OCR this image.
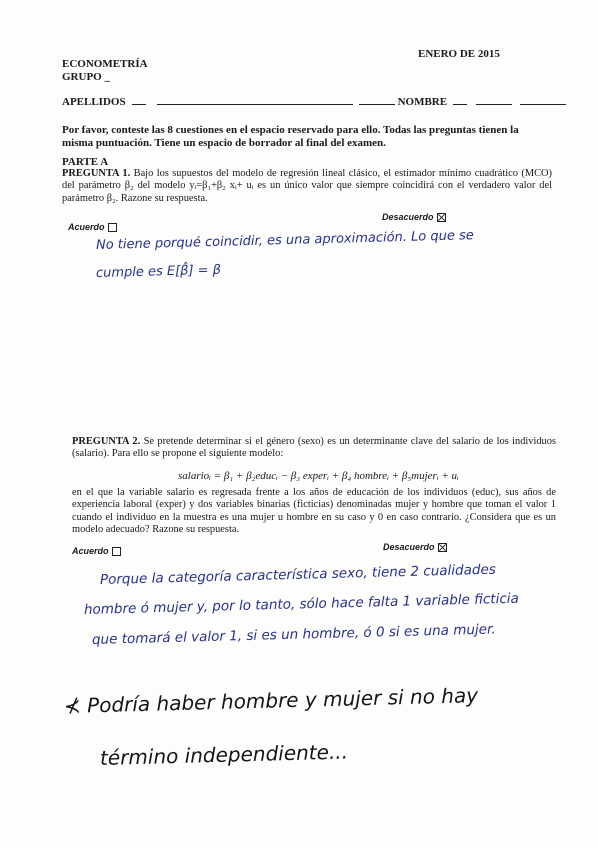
ENERO DE 2015
ECONOMETRÍA
GRUPO _
APELLIDOS	NOMBRE
Por favor, conteste las 8 cuestiones en el espacio reservado para ello. Todas las preguntas tienen la misma puntuación. Tiene un espacio de borrador al final del examen.
PARTE A
PREGUNTA 1. Bajo los supuestos del modelo de regresión lineal clásico, el estimador mínimo cuadrático (MCO) del parámetro β₂ del modelo yᵢ=β₁+β₂ xᵢ+ uᵢ es un único valor que siempre coincidirá con el verdadero valor del parámetro β₂. Razone su respuesta.
Desacuerdo
Acuerdo
No tiene porqué coincidir, es una aproximación. Lo que se
cumple es E[β̂] = β
PREGUNTA 2. Se pretende determinar si el género (sexo) es un determinante clave del salario de los individuos (salario). Para ello se propone el siguiente modelo:
salarioᵢ = β₁ + β₂educᵢ − β₃ experᵢ + β₄ hombreᵢ + β₅mujerᵢ + uᵢ
en el que la variable salario es regresada frente a los años de educación de los individuos (educ), sus años de experiencia laboral (exper) y dos variables binarias (ficticias) denominadas mujer y hombre que toman el valor 1 cuando el individuo en la muestra es una mujer u hombre en su caso y 0 en caso contrario. ¿Considera que es un modelo adecuado? Razone su respuesta.
Desacuerdo
Acuerdo
Porque la categoría característica sexo, tiene 2 cualidades
hombre ó mujer y, por lo tanto, sólo hace falta 1 variable ficticia
que tomará el valor 1, si es un hombre, ó 0 si es una mujer.
⊀ Podría haber hombre y mujer si no hay
término independiente...
